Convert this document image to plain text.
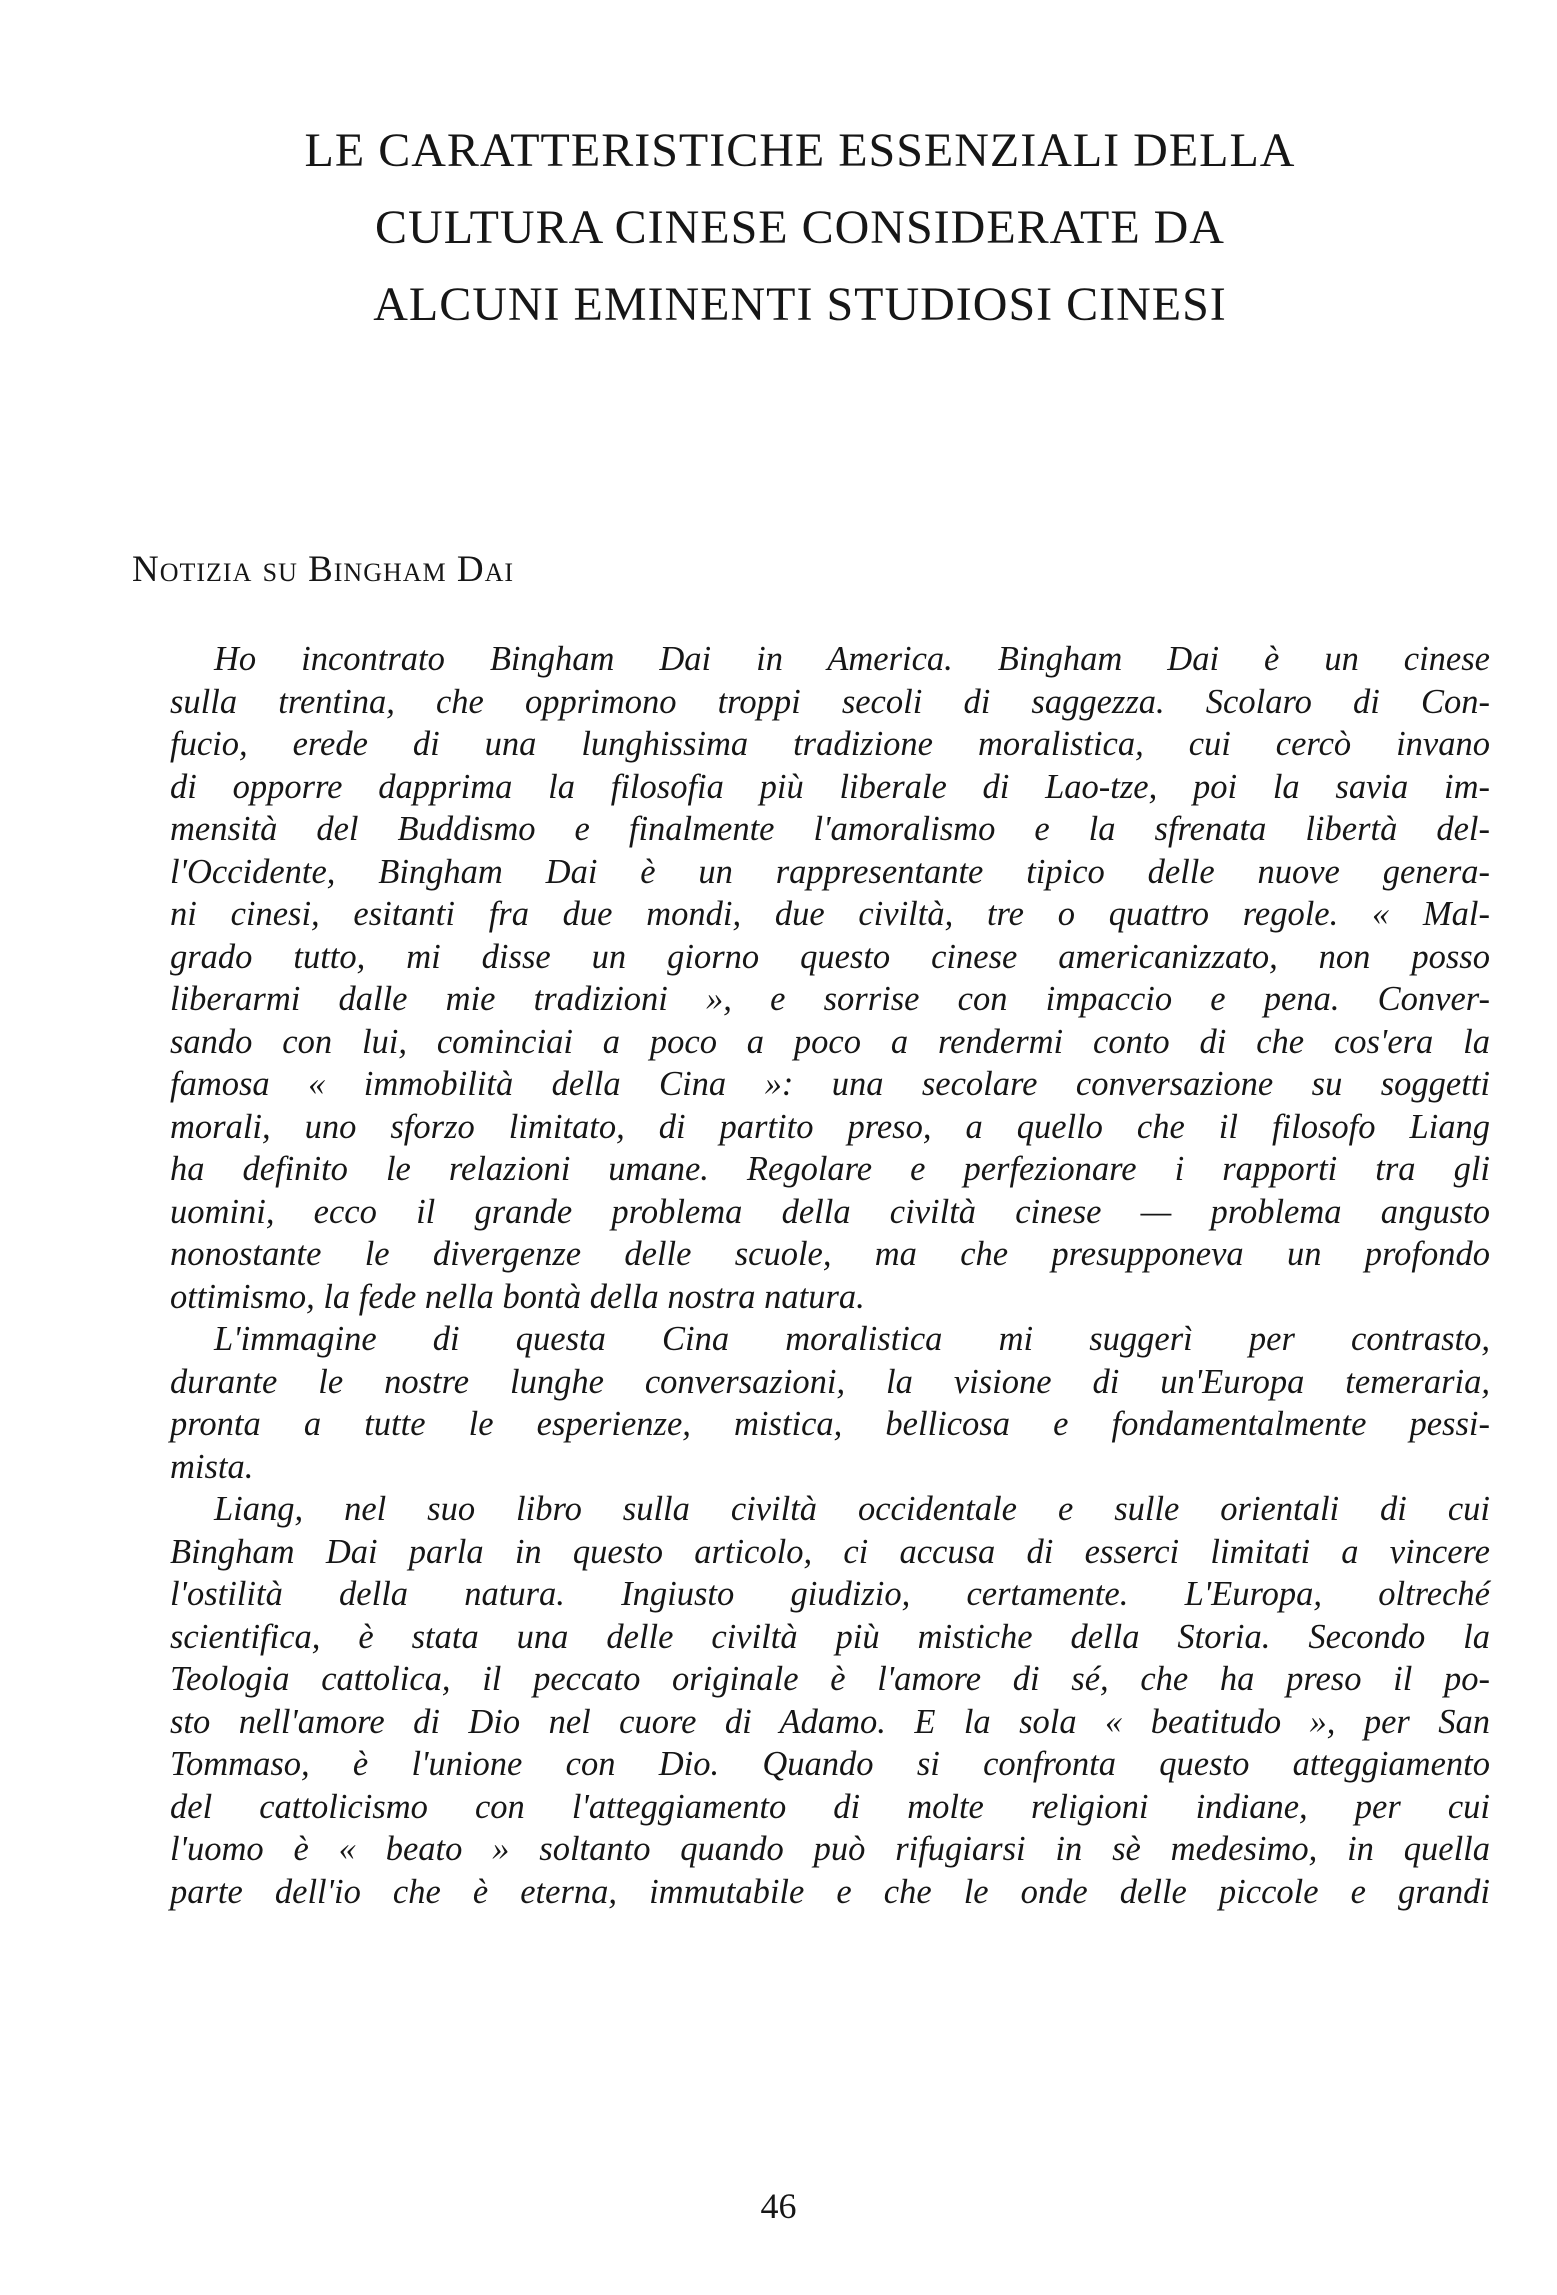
LE CARATTERISTICHE ESSENZIALI DELLA
CULTURA CINESE CONSIDERATE DA
ALCUNI EMINENTI STUDIOSI CINESI
Notizia su Bingham Dai
Ho incontrato Bingham Dai in America. Bingham Dai è un cinese
sulla trentina, che opprimono troppi secoli di saggezza. Scolaro di Con-
fucio, erede di una lunghissima tradizione moralistica, cui cercò invano
di opporre dapprima la filosofia più liberale di Lao-tze, poi la savia im-
mensità del Buddismo e finalmente l'amoralismo e la sfrenata libertà del-
l'Occidente, Bingham Dai è un rappresentante tipico delle nuove genera-
ni cinesi, esitanti fra due mondi, due civiltà, tre o quattro regole. « Mal-
grado tutto, mi disse un giorno questo cinese americanizzato, non posso
liberarmi dalle mie tradizioni », e sorrise con impaccio e pena. Conver-
sando con lui, cominciai a poco a poco a rendermi conto di che cos'era la
famosa « immobilità della Cina »: una secolare conversazione su soggetti
morali, uno sforzo limitato, di partito preso, a quello che il filosofo Liang
ha definito le relazioni umane. Regolare e perfezionare i rapporti tra gli
uomini, ecco il grande problema della civiltà cinese — problema angusto
nonostante le divergenze delle scuole, ma che presupponeva un profondo
ottimismo, la fede nella bontà della nostra natura.
L'immagine di questa Cina moralistica mi suggerì per contrasto,
durante le nostre lunghe conversazioni, la visione di un'Europa temeraria,
pronta a tutte le esperienze, mistica, bellicosa e fondamentalmente pessi-
mista.
Liang, nel suo libro sulla civiltà occidentale e sulle orientali di cui
Bingham Dai parla in questo articolo, ci accusa di esserci limitati a vincere
l'ostilità della natura. Ingiusto giudizio, certamente. L'Europa, oltreché
scientifica, è stata una delle civiltà più mistiche della Storia. Secondo la
Teologia cattolica, il peccato originale è l'amore di sé, che ha preso il po-
sto nell'amore di Dio nel cuore di Adamo. E la sola « beatitudo », per San
Tommaso, è l'unione con Dio. Quando si confronta questo atteggiamento
del cattolicismo con l'atteggiamento di molte religioni indiane, per cui
l'uomo è « beato » soltanto quando può rifugiarsi in sè medesimo, in quella
parte dell'io che è eterna, immutabile e che le onde delle piccole e grandi
46
